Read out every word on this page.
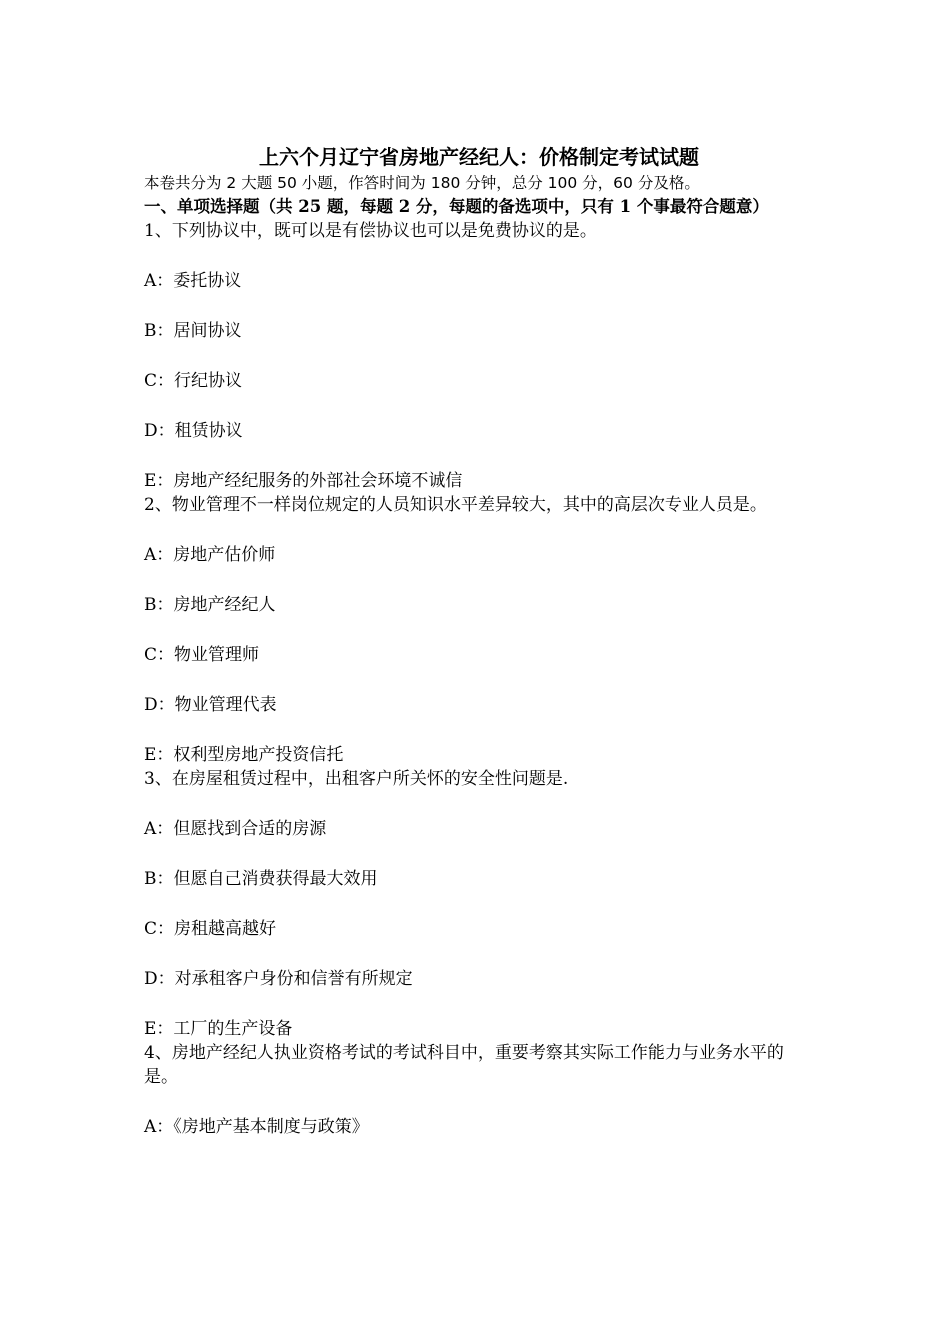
上六个月辽宁省房地产经纪人：价格制定考试试题

本卷共分为 2 大题 50 小题，作答时间为 180 分钟，总分 100 分，60 分及格。

一、单项选择题（共 25 题，每题 2 分，每题的备选项中，只有 1 个事最符合题意）

1、下列协议中，既可以是有偿协议也可以是免费协议的是。

A：委托协议

B：居间协议

C：行纪协议

D：租赁协议

E：房地产经纪服务的外部社会环境不诚信

2、物业管理不一样岗位规定的人员知识水平差异较大，其中的高层次专业人员是。

A：房地产估价师

B：房地产经纪人

C：物业管理师

D：物业管理代表

E：权利型房地产投资信托

3、在房屋租赁过程中，出租客户所关怀的安全性问题是.

A：但愿找到合适的房源

B：但愿自己消费获得最大效用

C：房租越高越好

D：对承租客户身份和信誉有所规定

E：工厂的生产设备

4、房地产经纪人执业资格考试的考试科目中，重要考察其实际工作能力与业务水平的是。

A：《房地产基本制度与政策》
